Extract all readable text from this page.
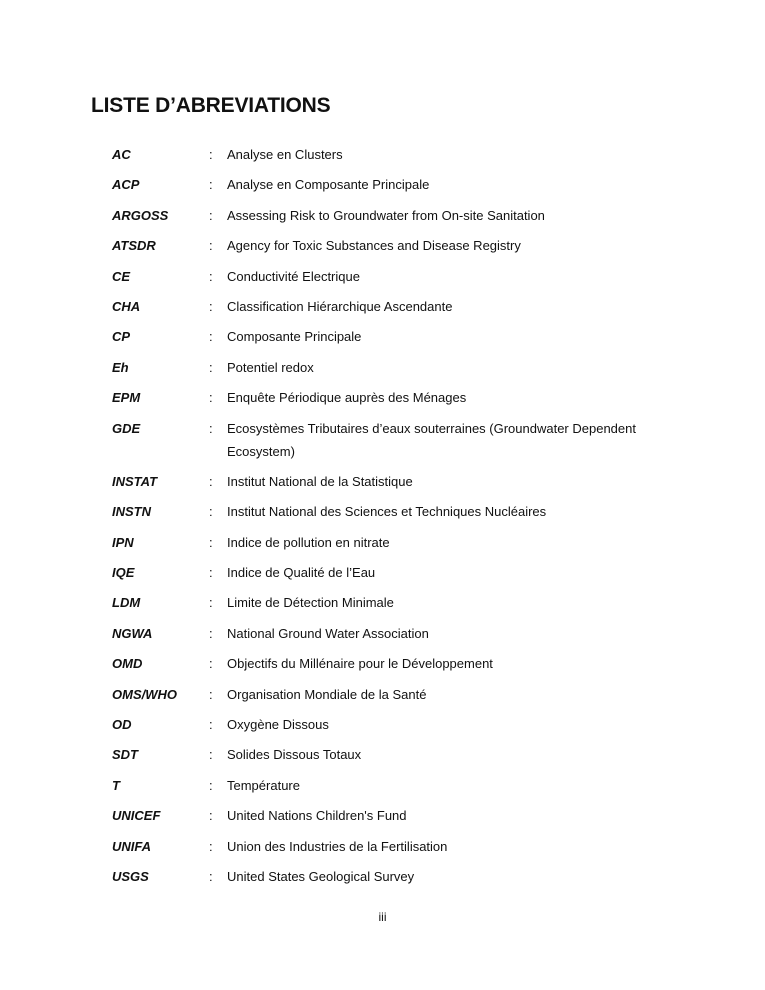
LISTE D’ABREVIATIONS
AC	:	Analyse en Clusters
ACP	:	Analyse en Composante Principale
ARGOSS	:	Assessing Risk to Groundwater from On-site Sanitation
ATSDR	:	Agency for Toxic Substances and Disease Registry
CE	:	Conductivité Electrique
CHA	:	Classification Hiérarchique Ascendante
CP	:	Composante Principale
Eh	:	Potentiel redox
EPM	:	Enquête Périodique auprès des Ménages
GDE	:	Ecosystèmes Tributaires d’eaux souterraines (Groundwater Dependent Ecosystem)
INSTAT	:	Institut National de la Statistique
INSTN	:	Institut National des Sciences et Techniques Nucléaires
IPN	:	Indice de pollution en nitrate
IQE	:	Indice de Qualité de l’Eau
LDM	:	Limite de Détection Minimale
NGWA	:	National Ground Water Association
OMD	:	Objectifs du Millénaire pour le Développement
OMS/WHO	:	Organisation Mondiale de la Santé
OD	:	Oxygène Dissous
SDT	:	Solides Dissous Totaux
T	:	Température
UNICEF	:	United Nations Children's Fund
UNIFA	:	Union des Industries de la Fertilisation
USGS	:	United States Geological Survey
iii
